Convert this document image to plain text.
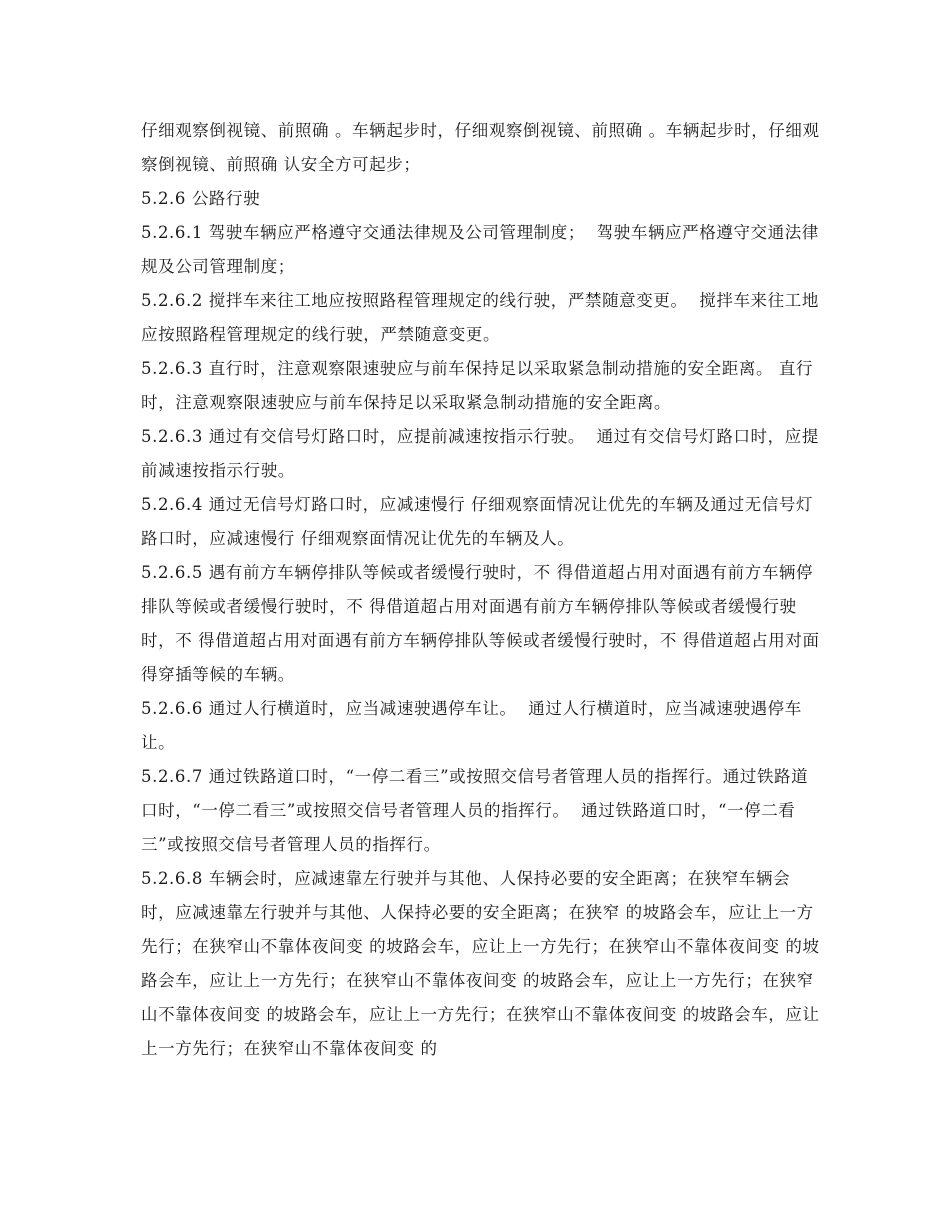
仔细观察倒视镜、前照确 。车辆起步时，仔细观察倒视镜、前照确 。车辆起步时，仔细观察倒视镜、前照确 认安全方可起步；

5.2.6 公路行驶

5.2.6.1 驾驶车辆应严格遵守交通法律规及公司管理制度；  驾驶车辆应严格遵守交通法律规及公司管理制度；

5.2.6.2 搅拌车来往工地应按照路程管理规定的线行驶，严禁随意变更。  搅拌车来往工地应按照路程管理规定的线行驶，严禁随意变更。

5.2.6.3 直行时，注意观察限速驶应与前车保持足以采取紧急制动措施的安全距离。 直行时，注意观察限速驶应与前车保持足以采取紧急制动措施的安全距离。

5.2.6.3 通过有交信号灯路口时，应提前减速按指示行驶。  通过有交信号灯路口时，应提前减速按指示行驶。

5.2.6.4 通过无信号灯路口时，应减速慢行 仔细观察面情况让优先的车辆及通过无信号灯路口时，应减速慢行 仔细观察面情况让优先的车辆及人。

5.2.6.5 遇有前方车辆停排队等候或者缓慢行驶时，不 得借道超占用对面遇有前方车辆停排队等候或者缓慢行驶时，不 得借道超占用对面遇有前方车辆停排队等候或者缓慢行驶时，不 得借道超占用对面遇有前方车辆停排队等候或者缓慢行驶时，不 得借道超占用对面得穿插等候的车辆。

5.2.6.6 通过人行横道时，应当减速驶遇停车让。  通过人行横道时，应当减速驶遇停车让。

5.2.6.7 通过铁路道口时，“一停二看三”或按照交信号者管理人员的指挥行。通过铁路道口时，“一停二看三”或按照交信号者管理人员的指挥行。  通过铁路道口时，“一停二看三”或按照交信号者管理人员的指挥行。

5.2.6.8 车辆会时，应减速靠左行驶并与其他、人保持必要的安全距离；在狭窄车辆会时，应减速靠左行驶并与其他、人保持必要的安全距离；在狭窄 的坡路会车，应让上一方先行；在狭窄山不靠体夜间变 的坡路会车，应让上一方先行；在狭窄山不靠体夜间变 的坡路会车，应让上一方先行；在狭窄山不靠体夜间变 的坡路会车，应让上一方先行；在狭窄山不靠体夜间变 的坡路会车，应让上一方先行；在狭窄山不靠体夜间变 的坡路会车，应让上一方先行；在狭窄山不靠体夜间变 的
